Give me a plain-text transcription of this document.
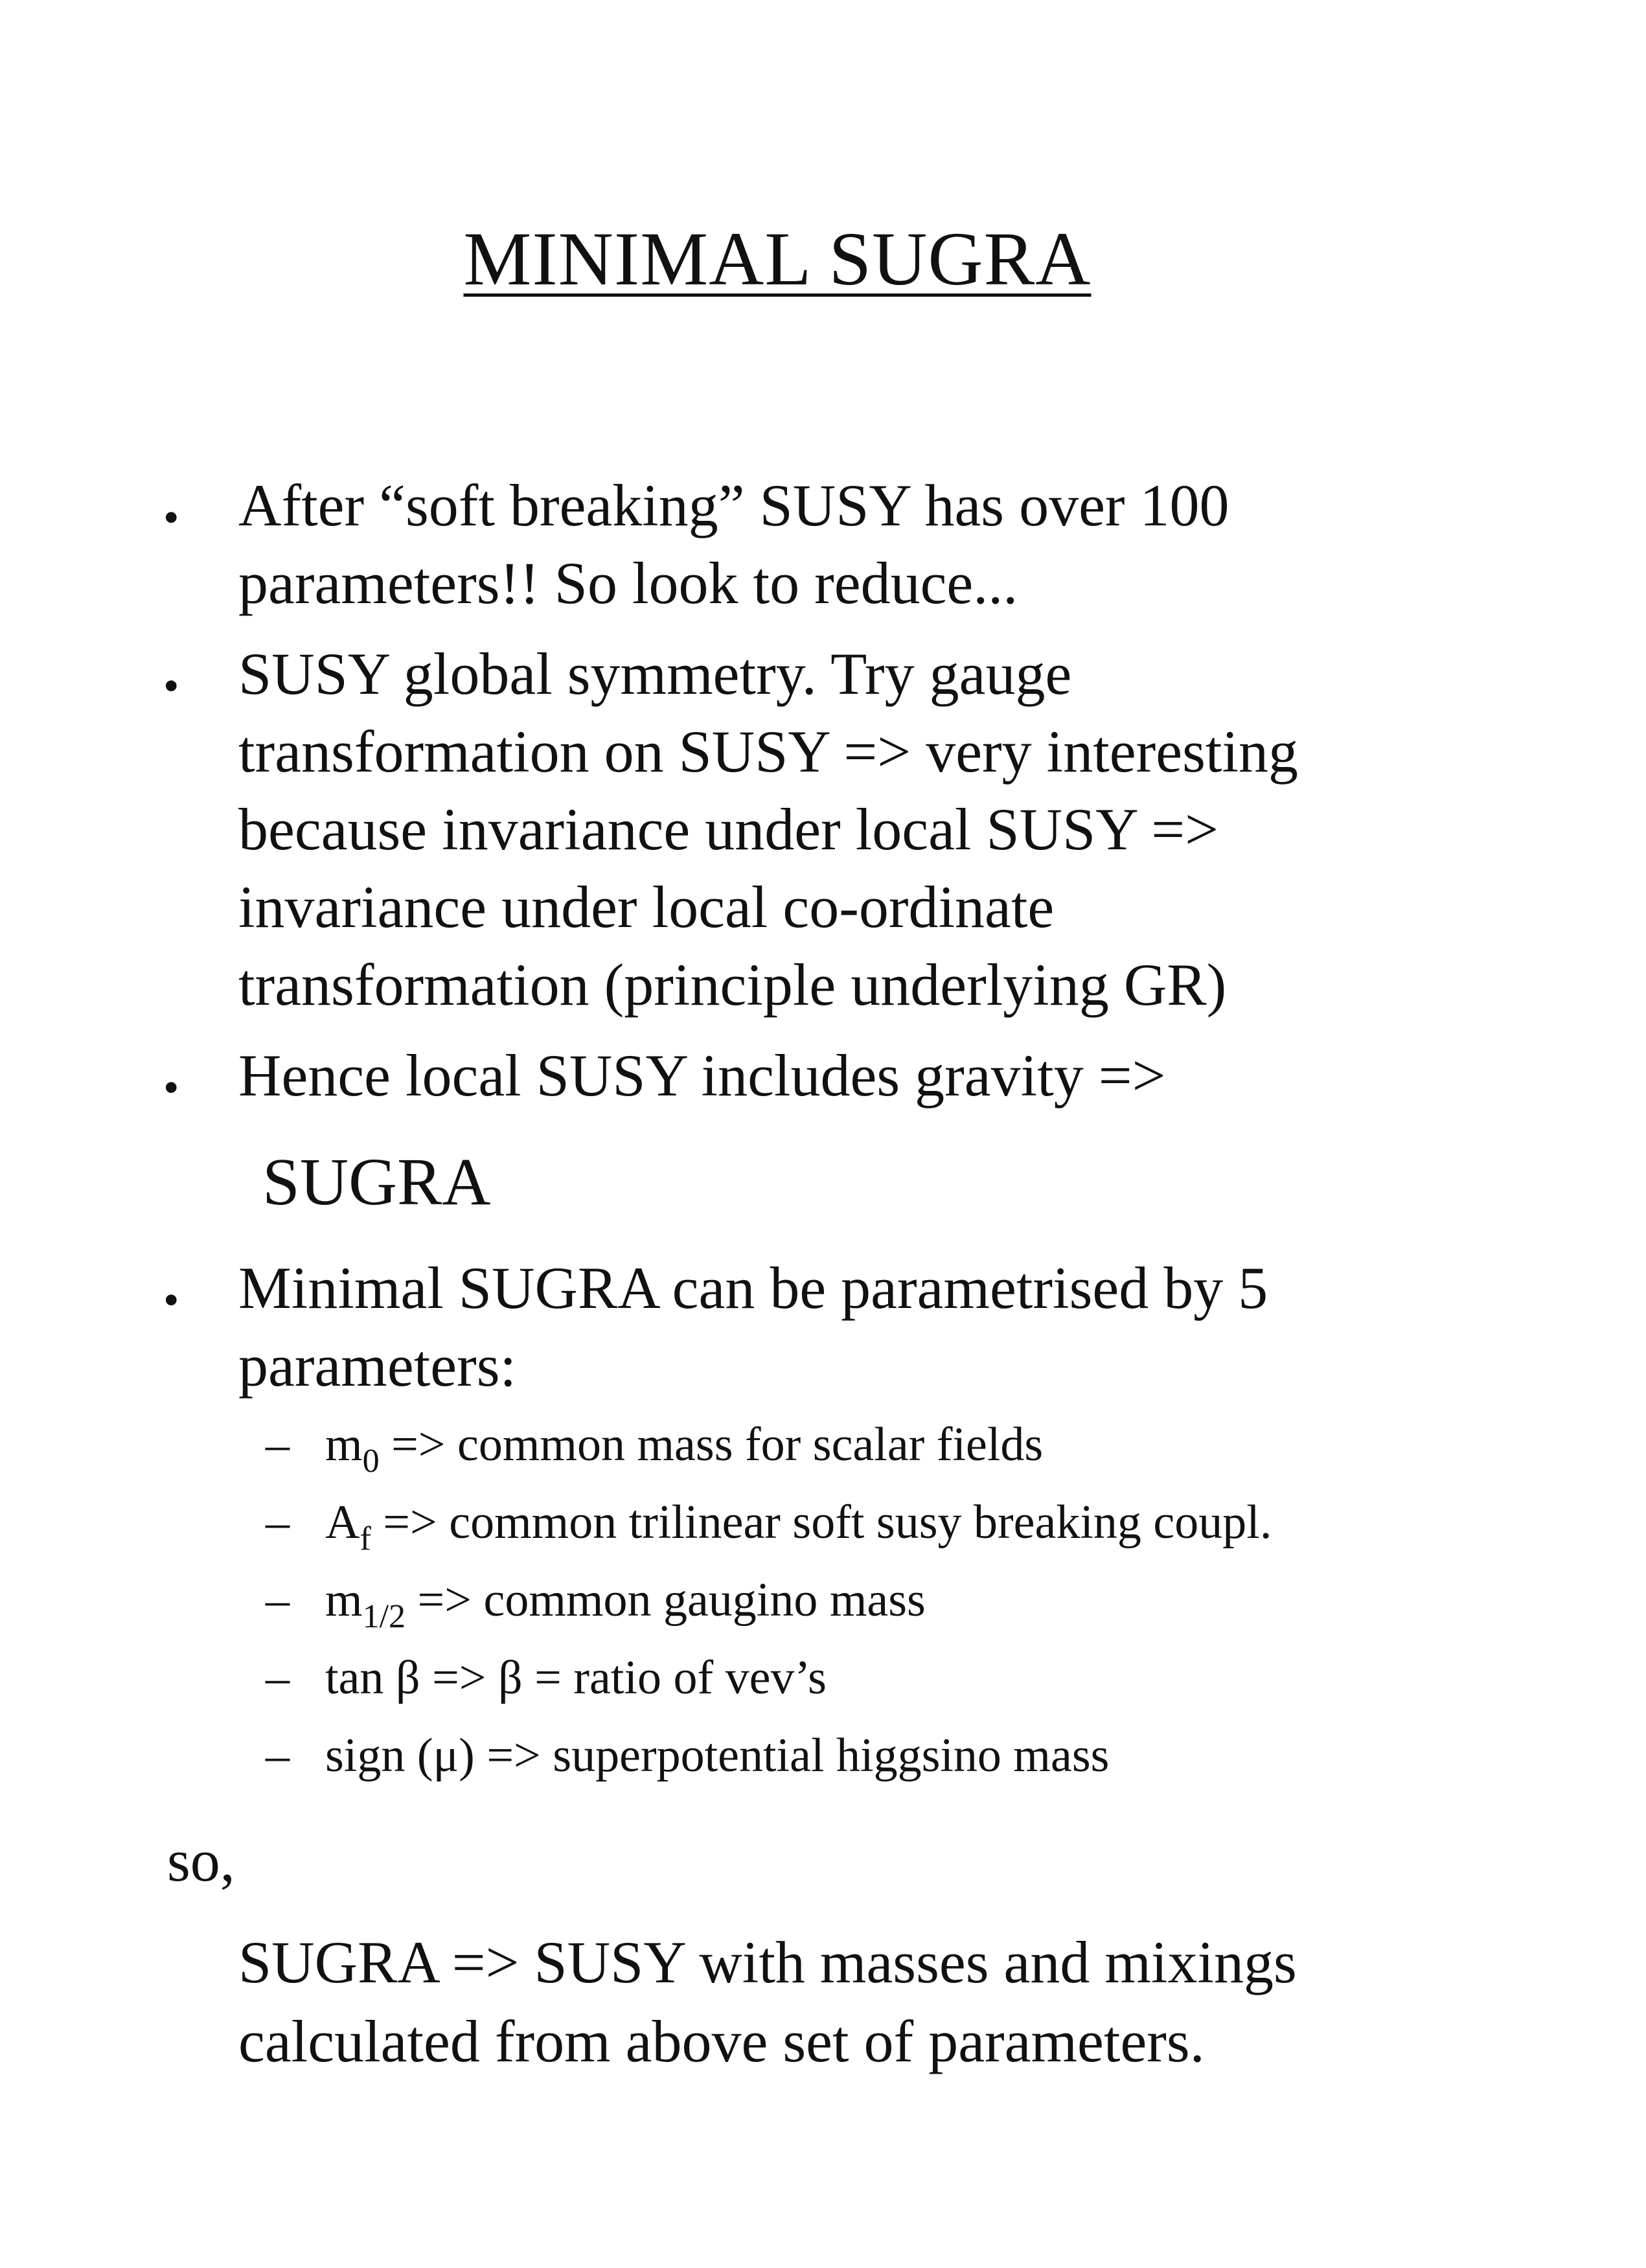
MINIMAL SUGRA
• After “soft breaking” SUSY has over 100
parameters!! So look to reduce...
• SUSY global symmetry. Try gauge
transformation on SUSY => very interesting
because invariance under local SUSY =>
invariance under local co-ordinate
transformation (principle underlying GR)
• Hence local SUSY includes gravity =>
SUGRA
• Minimal SUGRA can be parametrised by 5
parameters:
– $m_0$ => common mass for scalar fields
– $A_f$ => common trilinear soft susy breaking coupl.
– $m_{1/2}$ => common gaugino mass
– tan β => β = ratio of vev’s
– sign (μ) => superpotential higgsino mass
so,
SUGRA => SUSY with masses and mixings
calculated from above set of parameters.
